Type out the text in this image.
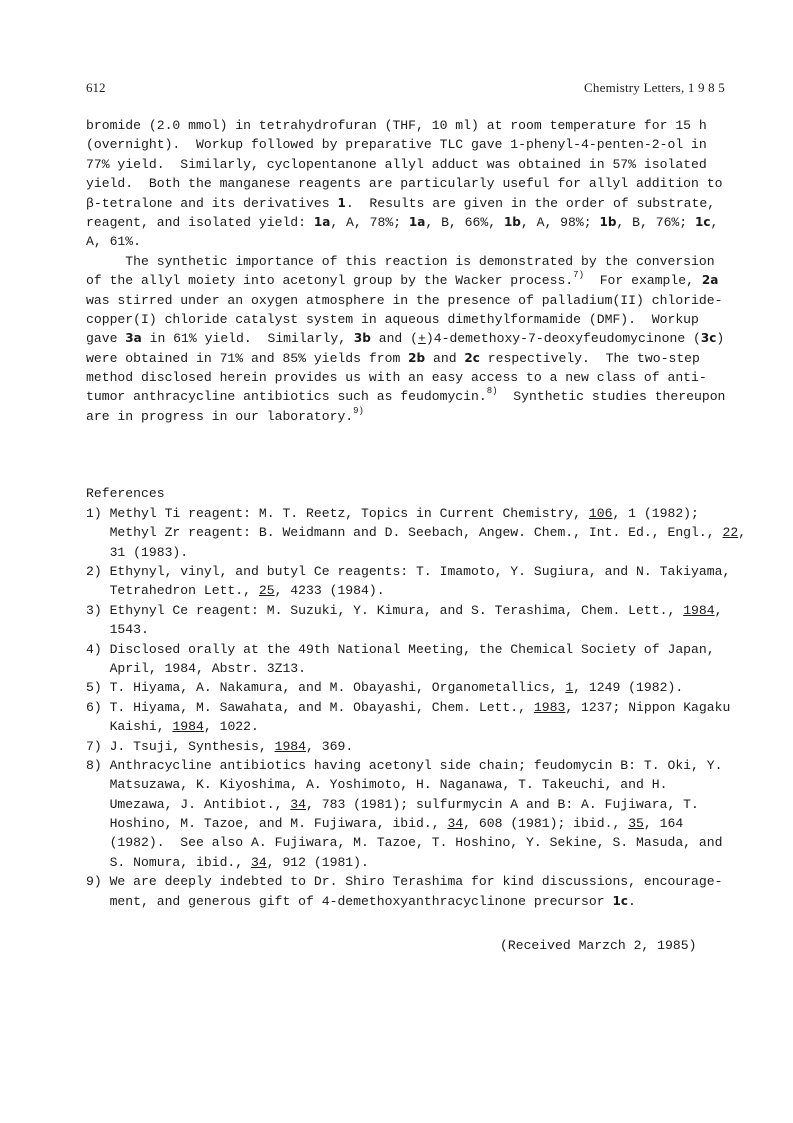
612	Chemistry Letters, 1 9 8 5
bromide (2.0 mmol) in tetrahydrofuran (THF, 10 ml) at room temperature for 15 h
(overnight).  Workup followed by preparative TLC gave 1-phenyl-4-penten-2-ol in
77% yield.  Similarly, cyclopentanone allyl adduct was obtained in 57% isolated
yield.  Both the manganese reagents are particularly useful for allyl addition to
β-tetralone and its derivatives 1.  Results are given in the order of substrate,
reagent, and isolated yield: 1a, A, 78%; 1a, B, 66%, 1b, A, 98%; 1b, B, 76%; 1c,
A, 61%.
The synthetic importance of this reaction is demonstrated by the conversion
of the allyl moiety into acetonyl group by the Wacker process.$^{7)}$  For example, 2a
was stirred under an oxygen atmosphere in the presence of palladium(II) chloride-
copper(I) chloride catalyst system in aqueous dimethylformamide (DMF).  Workup
gave 3a in 61% yield.  Similarly, 3b and (+)4-demethoxy-7-deoxyfeudomycinone (3c)
were obtained in 71% and 85% yields from 2b and 2c respectively.  The two-step
method disclosed herein provides us with an easy access to a new class of anti-
tumor anthracycline antibiotics such as feudomycin.$^{8)}$  Synthetic studies thereupon
are in progress in our laboratory.$^{9)}$
References
1) Methyl Ti reagent: M. T. Reetz, Topics in Current Chemistry, 106, 1 (1982);
Methyl Zr reagent: B. Weidmann and D. Seebach, Angew. Chem., Int. Ed., Engl., 22,
31 (1983).
2) Ethynyl, vinyl, and butyl Ce reagents: T. Imamoto, Y. Sugiura, and N. Takiyama,
Tetrahedron Lett., 25, 4233 (1984).
3) Ethynyl Ce reagent: M. Suzuki, Y. Kimura, and S. Terashima, Chem. Lett., 1984,
1543.
4) Disclosed orally at the 49th National Meeting, the Chemical Society of Japan,
April, 1984, Abstr. 3Z13.
5) T. Hiyama, A. Nakamura, and M. Obayashi, Organometallics, 1, 1249 (1982).
6) T. Hiyama, M. Sawahata, and M. Obayashi, Chem. Lett., 1983, 1237; Nippon Kagaku
Kaishi, 1984, 1022.
7) J. Tsuji, Synthesis, 1984, 369.
8) Anthracycline antibiotics having acetonyl side chain; feudomycin B: T. Oki, Y.
Matsuzawa, K. Kiyoshima, A. Yoshimoto, H. Naganawa, T. Takeuchi, and H.
Umezawa, J. Antibiot., 34, 783 (1981); sulfurmycin A and B: A. Fujiwara, T.
Hoshino, M. Tazoe, and M. Fujiwara, ibid., 34, 608 (1981); ibid., 35, 164
(1982).  See also A. Fujiwara, M. Tazoe, T. Hoshino, Y. Sekine, S. Masuda, and
S. Nomura, ibid., 34, 912 (1981).
9) We are deeply indebted to Dr. Shiro Terashima for kind discussions, encourage-
ment, and generous gift of 4-demethoxyanthracyclinone precursor 1c.
(Received Marzch 2, 1985)
